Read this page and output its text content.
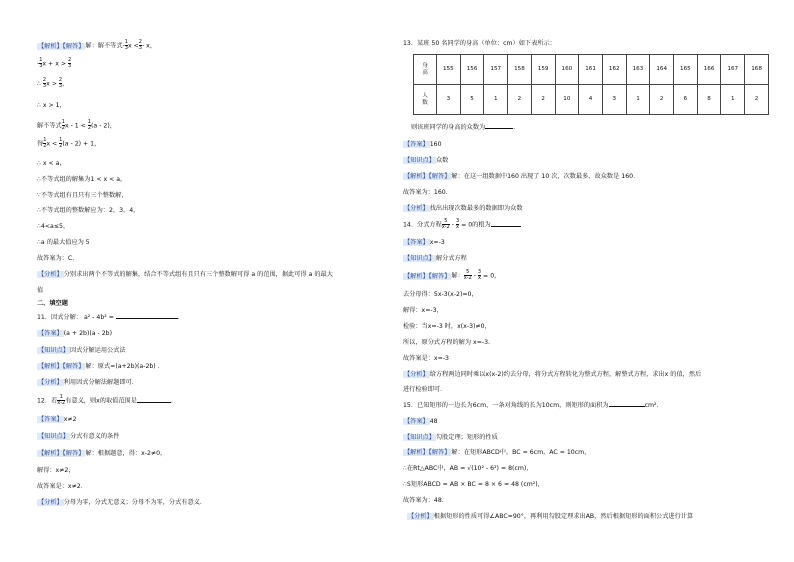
【解析】【解答】解：解不等式- $\frac{1}{3}$ $x < \frac{2}{3} - x$，
- $\frac{1}{3}$ $x + x > \frac{2}{3}$
∴ $\frac{2}{3}$ $x > \frac{2}{3}$ ，
∴ x > 1，
解不等式 $\frac{1}{2}$ $x - 1 < \frac{1}{2} (a - 2)$，
得 $\frac{1}{2}$ $x < \frac{1}{2} (a - 2) + 1$，
∴ x < a，
∴不等式组的解集为1 < x < a，
∵不等式组有且只有三个整数解，
∴不等式组的整数解应为：2，3，4，
∴4<a≤5，
∴a 的最大值应为 5
故答案为：C.
【分析】分别求出两个不等式的解集，结合不等式组有且只有三个整数解可得 a 的范围，据此可得 a 的最大
值
二、填空题
11．因式分解： a² - 4b² =	．
【答案】(a + 2b)(a - 2b)
【知识点】因式分解运用公式法
【解析】【解答】解：原式=(a+2b)(a-2b) ．
【分析】利用因式分解法解题即可．
12．若 $\frac{1}{x-2}$ 有意义，则x的取值范围是	．
【答案】x≠2
【知识点】分式有意义的条件
【解析】【解答】解：根据题意，得：x-2≠0，
解得：x≠2，
故答案是：x≠2．
【分析】分母为零，分式无意义；分母不为零，分式有意义．
13．某班 50 名同学的身高（单位：cm）如下表所示：
身
高	155	156	157	158	159	160	161	162	163	164	165	166	167	168

人
数	3	5	1	2	2	10	4	3	1	2	6	8	1	2
则该班同学的身高的众数为	．
【答案】160
【知识点】众数
【解析】【解答】解：在这一组数据中160 出现了 10 次，次数最多，故众数是 160.
故答案为：160.
【分析】找出出现次数最多的数据即为众数
14．分式方程 $\frac{5}{x-2} - \frac{3}{x} = 0$的根为
【答案】x=-3
【知识点】解分式方程
【解析】【解答】解： $\frac{5}{x-2} - \frac{3}{x} = 0$，
去分母得：5x-3(x-2)=0，
解得：x=-3，
检验：当x=-3 时，x(x-3)≠0，
所以，原分式方程的解为 x=-3.
故答案是：x=-3
【分析】给方程两边同时乘以x(x-2)约去分母，将分式方程转化为整式方程，解整式方程，求出x 的值，然后
进行检验即可．
15．已知矩形的一边长为6cm，一条对角线的长为10cm，则矩形的面积为	cm².
【答案】48
【知识点】勾股定理；矩形的性质
【解析】【解答】解：在矩形ABCD中，BC = 6cm，AC = 10cm，
∴在Rt△ABC中，AB = √(10² - 6²) = 8(cm)，
∴S矩形ABCD = AB × BC = 8 × 6 = 48 (cm²)，
故答案为：48.
【分析】根据矩形的性质可得∠ABC=90°，再利用勾股定理求出AB，然后根据矩形的面积公式进行计算
